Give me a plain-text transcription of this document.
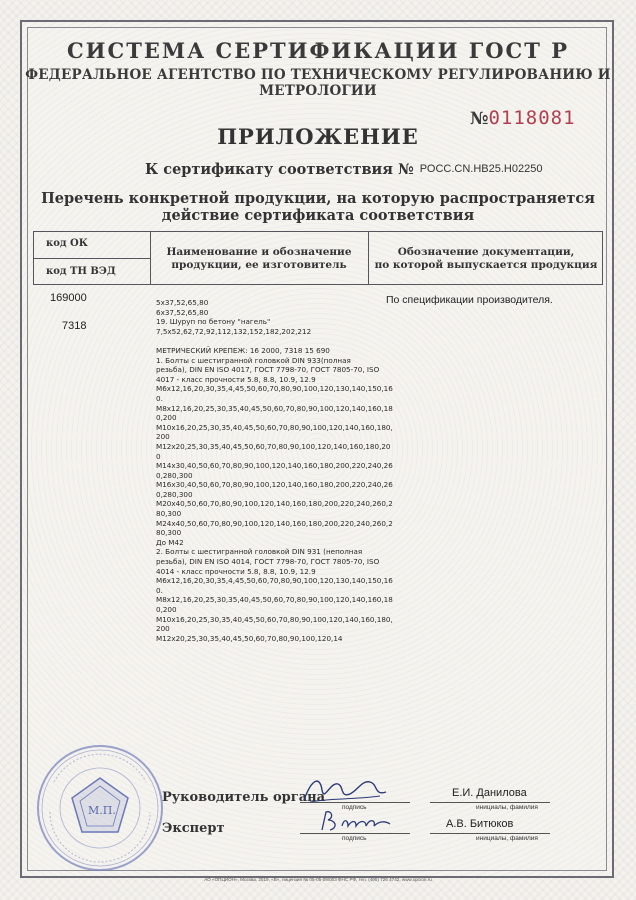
СИСТЕМА СЕРТИФИКАЦИИ ГОСТ Р
ФЕДЕРАЛЬНОЕ АГЕНТСТВО ПО ТЕХНИЧЕСКОМУ РЕГУЛИРОВАНИЮ И МЕТРОЛОГИИ
№0118081
ПРИЛОЖЕНИЕ
К сертификату соответствия № РОСС.CN.НВ25.Н02250
Перечень конкретной продукции, на которую распространяется
действие сертификата соответствия
код ОК
код ТН ВЭД
Наименование и обозначение
продукции, ее изготовитель
Обозначение документации,
по которой выпускается продукция
169000
7318
По спецификации производителя.
5x37,52,65,80
6x37,52,65,80
19. Шуруп по бетону "нагель"
7,5x52,62,72,92,112,132,152,182,202,212
МЕТРИЧЕСКИЙ КРЕПЕЖ: 16 2000, 7318 15 690
1. Болты с шестигранной головкой DIN 933(полная
резьба), DIN EN ISO 4017, ГОСТ 7798-70, ГОСТ 7805-70, ISO
4017 - класс прочности 5.8, 8.8, 10.9, 12.9
M6x12,16,20,30,35,4,45,50,60,70,80,90,100,120,130,140,150,16
0.
M8x12,16,20,25,30,35,40,45,50,60,70,80,90,100,120,140,160,18
0,200
M10x16,20,25,30,35,40,45,50,60,70,80,90,100,120,140,160,180,
200
M12x20,25,30,35,40,45,50,60,70,80,90,100,120,140,160,180,20
0
M14x30,40,50,60,70,80,90,100,120,140,160,180,200,220,240,26
0,280,300
M16x30,40,50,60,70,80,90,100,120,140,160,180,200,220,240,26
0,280,300
M20x40,50,60,70,80,90,100,120,140,160,180,200,220,240,260,2
80,300
M24x40,50,60,70,80,90,100,120,140,160,180,200,220,240,260,2
80,300
До M42
2. Болты с шестигранной головкой DIN 931 (неполная
резьба), DIN EN ISO 4014, ГОСТ 7798-70, ГОСТ 7805-70, ISO
4014 - класс прочности 5.8, 8.8, 10.9, 12.9
M6x12,16,20,30,35,4,45,50,60,70,80,90,100,120,130,140,150,16
0.
M8x12,16,20,25,30,35,40,45,50,60,70,80,90,100,120,140,160,18
0,200
M10x16,20,25,30,35,40,45,50,60,70,80,90,100,120,140,160,180,
200
M12x20,25,30,35,40,45,50,60,70,80,90,100,120,14
М.П.
Руководитель органа
подпись
Е.И. Данилова
инициалы, фамилия
Эксперт
подпись
А.В. Битюков
инициалы, фамилия
АО «ОПЦИОН», Москва, 2019, «В», лицензия № 05-05-09/003 ФНС РФ, тел. (495) 726 4742, www.opcion.ru
